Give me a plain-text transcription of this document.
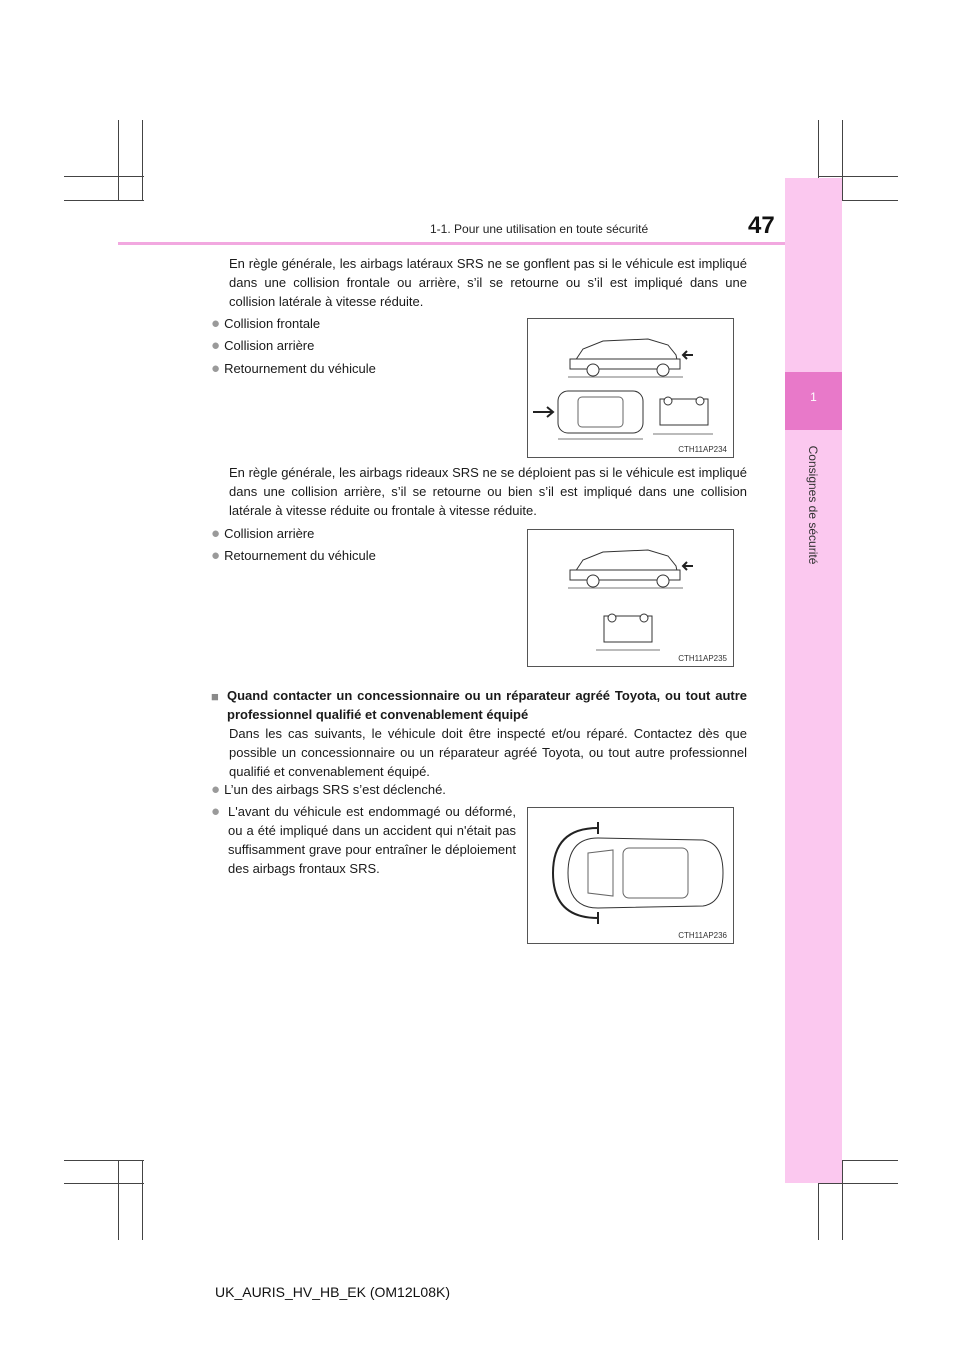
1
Consignes de sécurité
1-1. Pour une utilisation en toute sécurité	47
En règle générale, les airbags latéraux SRS ne se gonflent pas si le véhicule est impliqué dans une collision frontale ou arrière, s’il se retourne ou s’il est impliqué dans une collision latérale à vitesse réduite.
● Collision frontale
● Collision arrière
● Retournement du véhicule
CTH11AP234
En règle générale, les airbags rideaux SRS ne se déploient pas si le véhicule est impliqué dans une collision arrière, s’il se retourne ou bien s’il est impliqué dans une collision latérale à vitesse réduite ou frontale à vitesse réduite.
● Collision arrière
● Retournement du véhicule
CTH11AP235
■ Quand contacter un concessionnaire ou un réparateur agréé Toyota, ou tout autre professionnel qualifié et convenablement équipé
Dans les cas suivants, le véhicule doit être inspecté et/ou réparé. Contactez dès que possible un concessionnaire ou un réparateur agréé Toyota, ou tout autre professionnel qualifié et convenablement équipé.
● L’un des airbags SRS s’est déclenché.
● L'avant du véhicule est endommagé ou déformé, ou a été impliqué dans un accident qui n'était pas suffisamment grave pour entraîner le déploiement des airbags frontaux SRS.
CTH11AP236
UK_AURIS_HV_HB_EK (OM12L08K)
